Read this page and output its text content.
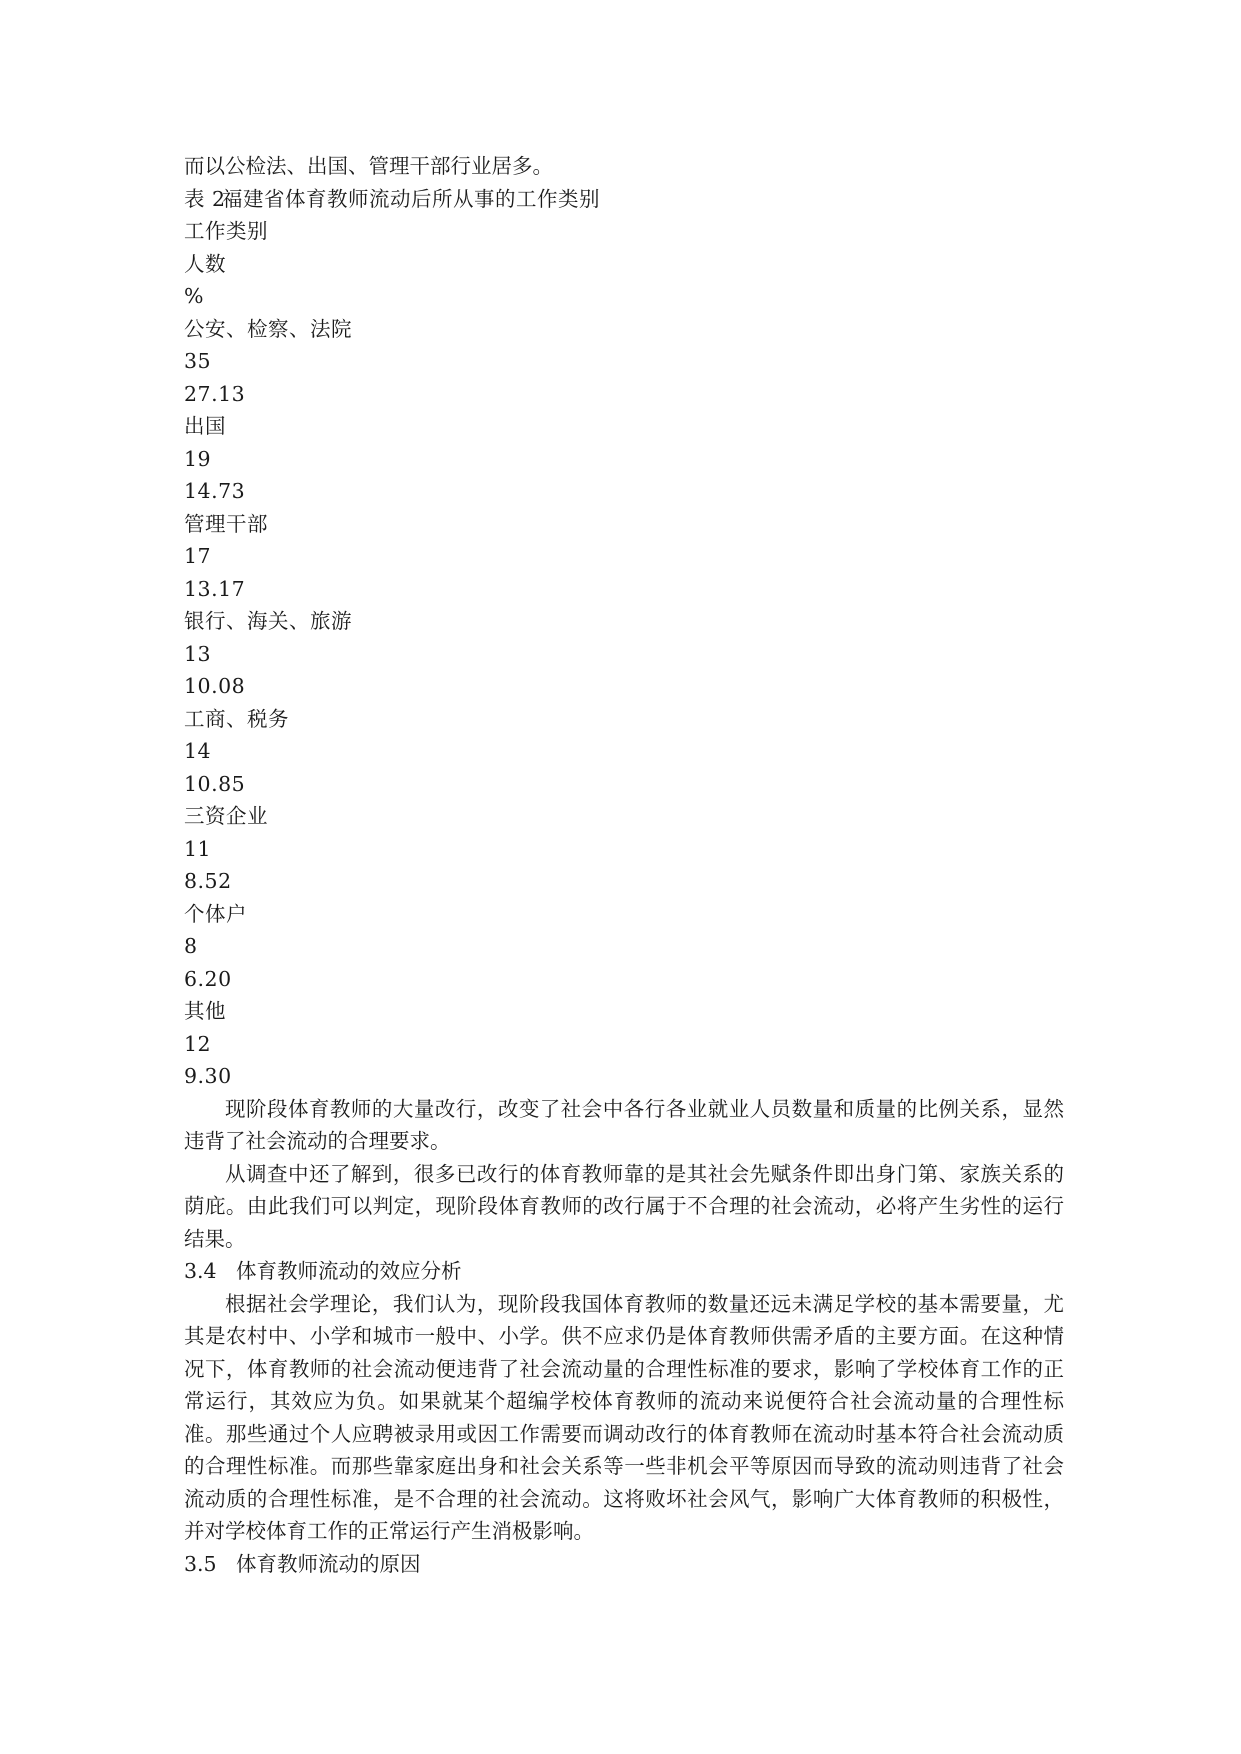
而以公检法、出国、管理干部行业居多。
表 2福建省体育教师流动后所从事的工作类别
工作类别
人数
%
公安、检察、法院
35
27.13
出国
19
14.73
管理干部
17
13.17
银行、海关、旅游
13
10.08
工商、税务
14
10.85
三资企业
11
8.52
个体户
8
6.20
其他
12
9.30

现阶段体育教师的大量改行，改变了社会中各行各业就业人员数量和质量的比例关系，显然违背了社会流动的合理要求。

从调查中还了解到，很多已改行的体育教师靠的是其社会先赋条件即出身门第、家族关系的荫庇。由此我们可以判定，现阶段体育教师的改行属于不合理的社会流动，必将产生劣性的运行结果。

3.4 体育教师流动的效应分析

根据社会学理论，我们认为，现阶段我国体育教师的数量还远未满足学校的基本需要量，尤其是农村中、小学和城市一般中、小学。供不应求仍是体育教师供需矛盾的主要方面。在这种情况下，体育教师的社会流动便违背了社会流动量的合理性标准的要求，影响了学校体育工作的正常运行，其效应为负。如果就某个超编学校体育教师的流动来说便符合社会流动量的合理性标准。那些通过个人应聘被录用或因工作需要而调动改行的体育教师在流动时基本符合社会流动质的合理性标准。而那些靠家庭出身和社会关系等一些非机会平等原因而导致的流动则违背了社会流动质的合理性标准，是不合理的社会流动。这将败坏社会风气，影响广大体育教师的积极性，并对学校体育工作的正常运行产生消极影响。

3.5 体育教师流动的原因
